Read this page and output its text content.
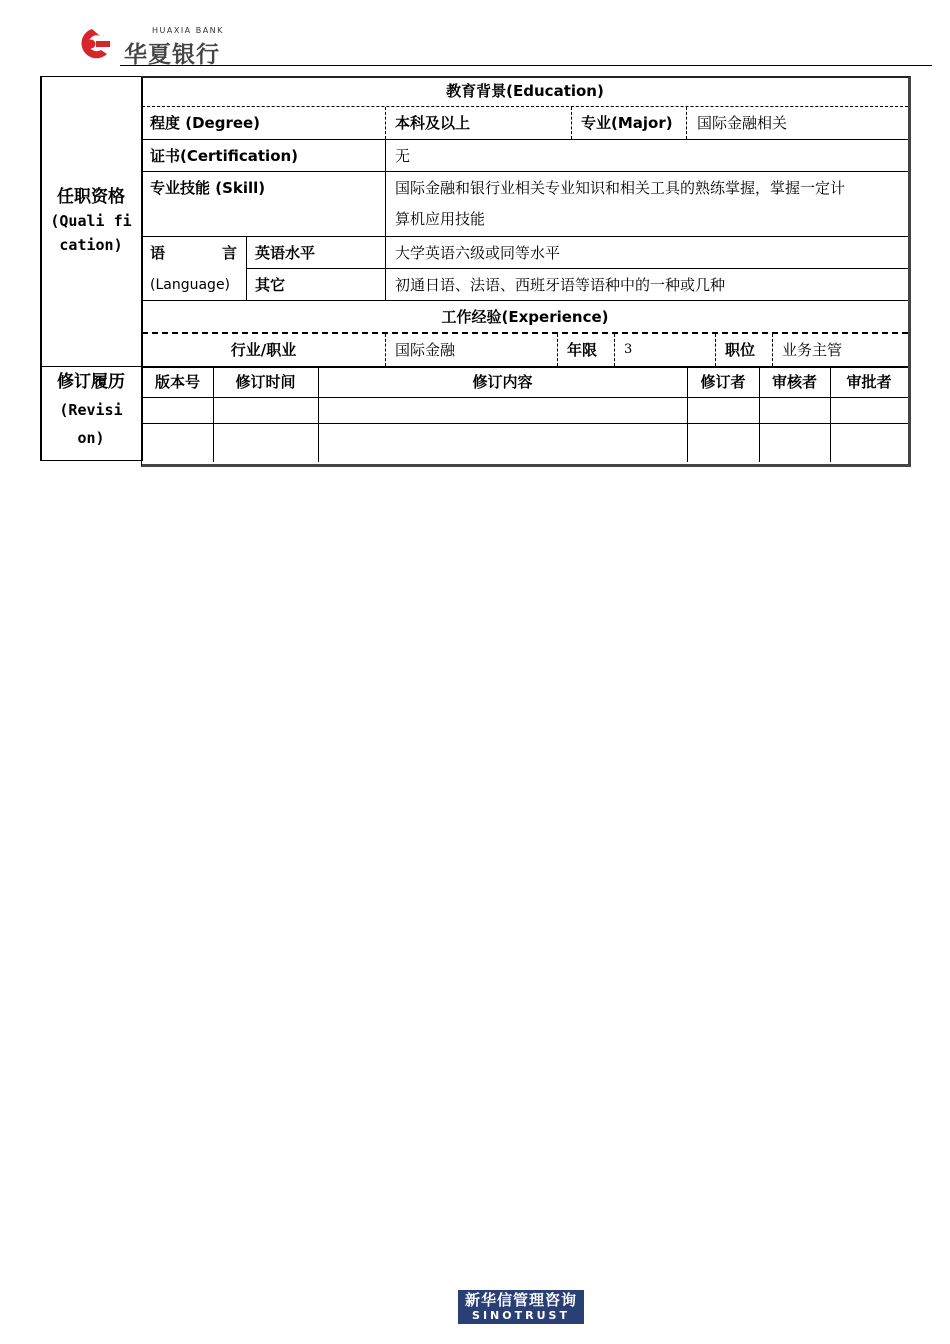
HUAXIA BANK
华夏银行
任职资格
(Quali fi
cation)
修订履历
(Revisi
on)
教育背景(Education)
程度 (Degree)	本科及以上	专业(Major) 国际金融相关
证书(Certification)	无
专业技能 (Skill)	国际金融和银行业相关专业知识和相关工具的熟练掌握，掌握一定计
算机应用技能
语	言
(Language)
英语水平	大学英语六级或同等水平
其它	初通日语、法语、西班牙语等语种中的一种或几种
工作经验(Experience)
行业/职业	国际金融	年限 3	职位 业务主管
版本号	修订时间	修订内容	修订者	审核者	审批者
新华信管理咨询
SINOTRUST
